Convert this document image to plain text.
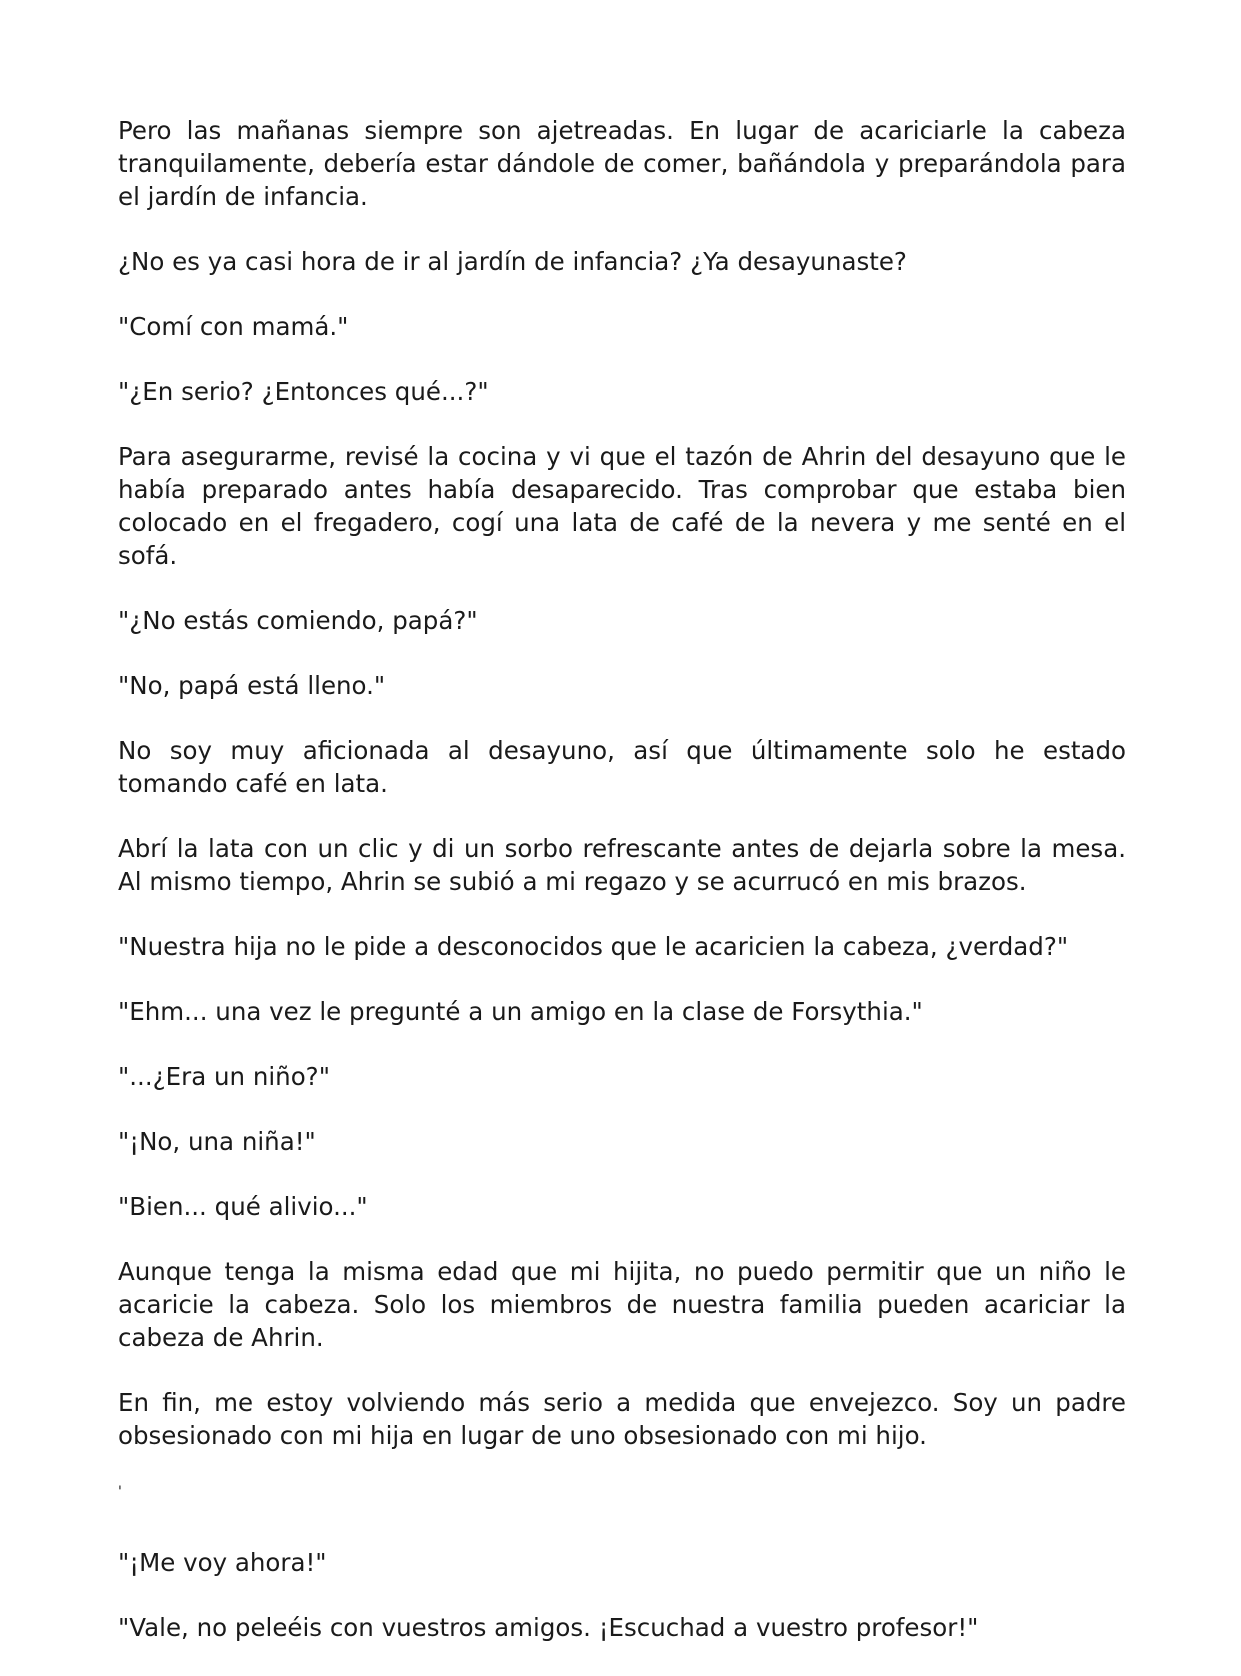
Pero las mañanas siempre son ajetreadas. En lugar de acariciarle la cabeza tranquilamente, debería estar dándole de comer, bañándola y preparándola para el jardín de infancia.

¿No es ya casi hora de ir al jardín de infancia? ¿Ya desayunaste?

"Comí con mamá."

"¿En serio? ¿Entonces qué...?"

Para asegurarme, revisé la cocina y vi que el tazón de Ahrin del desayuno que le había preparado antes había desaparecido. Tras comprobar que estaba bien colocado en el fregadero, cogí una lata de café de la nevera y me senté en el sofá.

"¿No estás comiendo, papá?"

"No, papá está lleno."

No soy muy aficionada al desayuno, así que últimamente solo he estado tomando café en lata.

Abrí la lata con un clic y di un sorbo refrescante antes de dejarla sobre la mesa. Al mismo tiempo, Ahrin se subió a mi regazo y se acurrucó en mis brazos.

"Nuestra hija no le pide a desconocidos que le acaricien la cabeza, ¿verdad?"

"Ehm... una vez le pregunté a un amigo en la clase de Forsythia."

"...¿Era un niño?"

"¡No, una niña!"

"Bien... qué alivio..."

Aunque tenga la misma edad que mi hijita, no puedo permitir que un niño le acaricie la cabeza. Solo los miembros de nuestra familia pueden acariciar la cabeza de Ahrin.

En fin, me estoy volviendo más serio a medida que envejezco. Soy un padre obsesionado con mi hija en lugar de uno obsesionado con mi hijo.

'

"¡Me voy ahora!"

"Vale, no peleéis con vuestros amigos. ¡Escuchad a vuestro profesor!"
